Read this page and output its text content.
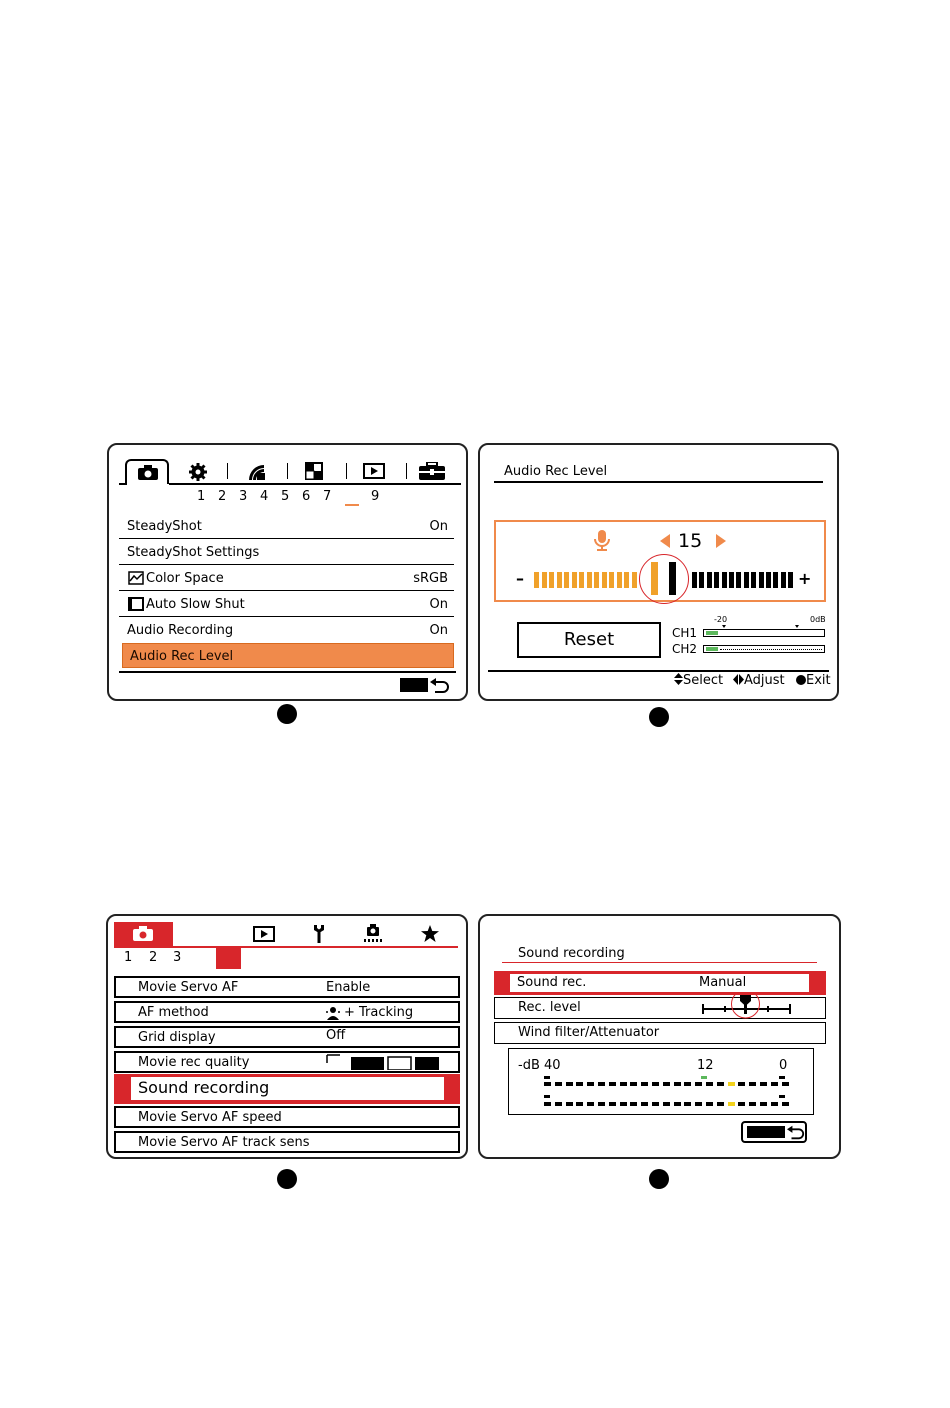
1 2 3 4 5 6 7	9
SteadyShot	On
SteadyShot Settings
Color Space	sRGB
Auto Slow Shut	On
Audio Recording	On
Audio Rec Level
Audio Rec Level
15
–	+
Reset
-20	0dB
CH1
CH2
Select	Adjust	Exit
1 2 3
Movie Servo AF	Enable
AF method	+ Tracking
Grid display	Off
Movie rec quality
Sound recording
Movie Servo AF speed
Movie Servo AF track sens
Sound recording
Sound rec.	Manual
Rec. level
Wind filter/Attenuator
-dB 40	12	0
